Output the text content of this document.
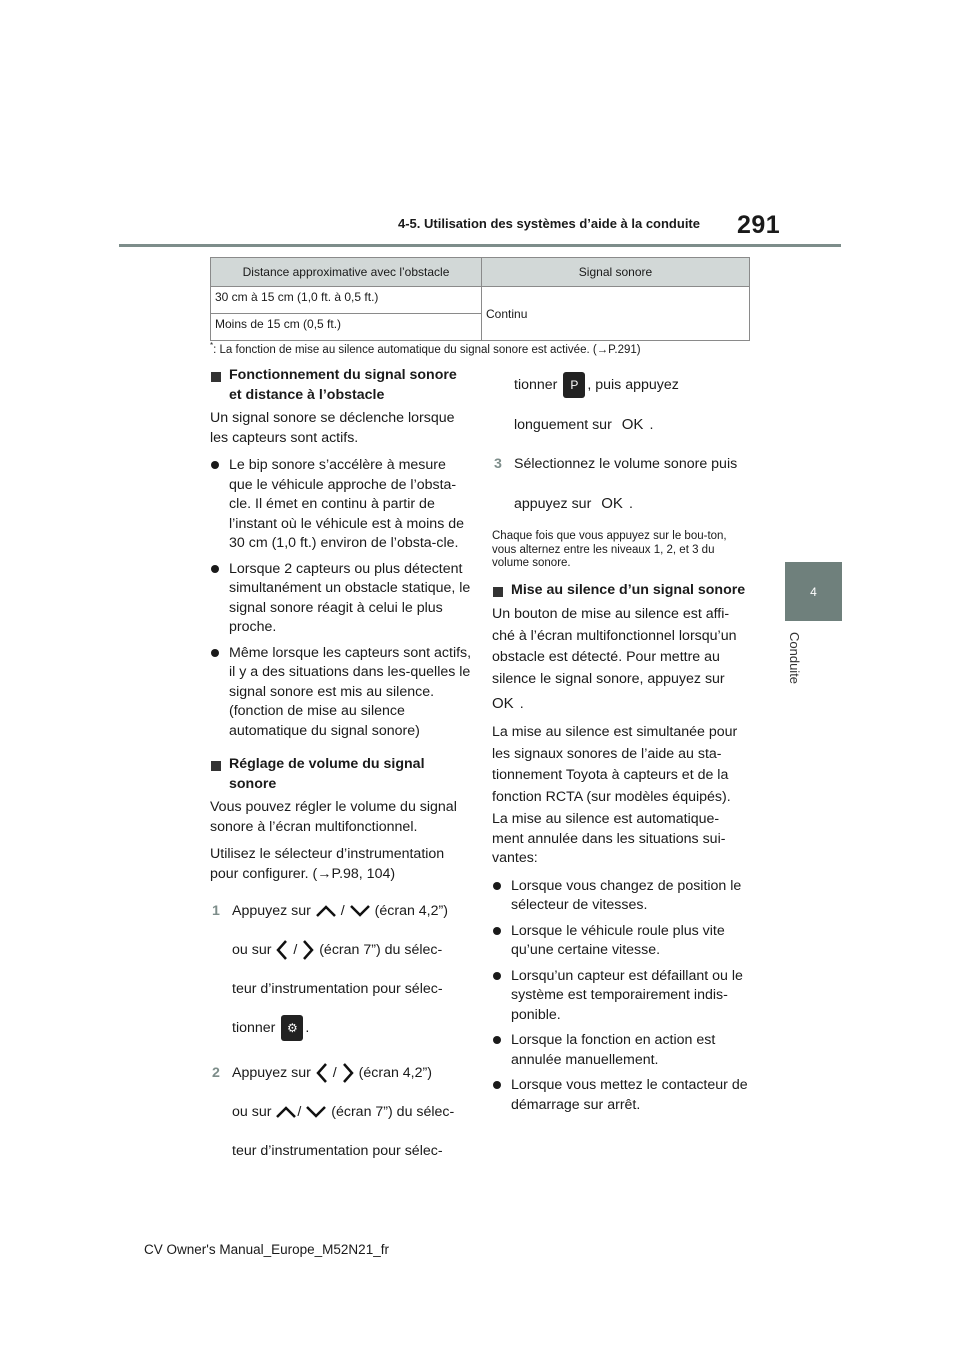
4-5. Utilisation des systèmes d’aide à la conduite 291
4
Conduite
Distance approximative avec l’obstacle	Signal sonore
30 cm à 15 cm (1,0 ft. à 0,5 ft.)	Continu
Moins de 15 cm (0,5 ft.)	
*: La fonction de mise au silence automatique du signal sonore est activée. (→P.291)
Fonctionnement du signal sonore et distance à l’obstacle

Un signal sonore se déclenche lorsque les capteurs sont actifs.

Le bip sonore s’accélère à mesure que le véhicule approche de l’obsta-cle. Il émet en continu à partir de l’instant où le véhicule est à moins de 30 cm (1,0 ft.) environ de l’obsta-cle.

Lorsque 2 capteurs ou plus détectent simultanément un obstacle statique, le signal sonore réagit à celui le plus proche.

Même lorsque les capteurs sont actifs, il y a des situations dans les-quelles le signal sonore est mis au silence. (fonction de mise au silence automatique du signal sonore)

Réglage de volume du signal sonore

Vous pouvez régler le volume du signal sonore à l’écran multifonctionnel.

Utilisez le sélecteur d’instrumentation pour configurer. (→P.98, 104)

1 Appuyez sur / (écran 4,2”)

ou sur / (écran 7”) du sélec-

teur d’instrumentation pour sélec-

tionner ⚙ .

2 Appuyez sur / (écran 4,2”)

ou sur / (écran 7”) du sélec-

teur d’instrumentation pour sélec-

tionner P , puis appuyez

longuement sur OK .

3 Sélectionnez le volume sonore puis

appuyez sur OK .

Chaque fois que vous appuyez sur le bou-ton, vous alternez entre les niveaux 1, 2, et 3 du volume sonore.

Mise au silence d’un signal sonore
Un bouton de mise au silence est affi-
ché à l’écran multifonctionnel lorsqu’un
obstacle est détecté. Pour mettre au
silence le signal sonore, appuyez sur
OK .
La mise au silence est simultanée pour
les signaux sonores de l’aide au sta-
tionnement Toyota à capteurs et de la
fonction RCTA (sur modèles équipés).

La mise au silence est automatique-ment annulée dans les situations sui-vantes:

Lorsque vous changez de position le sélecteur de vitesses.

Lorsque le véhicule roule plus vite qu’une certaine vitesse.

Lorsqu’un capteur est défaillant ou le système est temporairement indis-ponible.

Lorsque la fonction en action est annulée manuellement.

Lorsque vous mettez le contacteur de démarrage sur arrêt.

CV Owner's Manual_Europe_M52N21_fr
